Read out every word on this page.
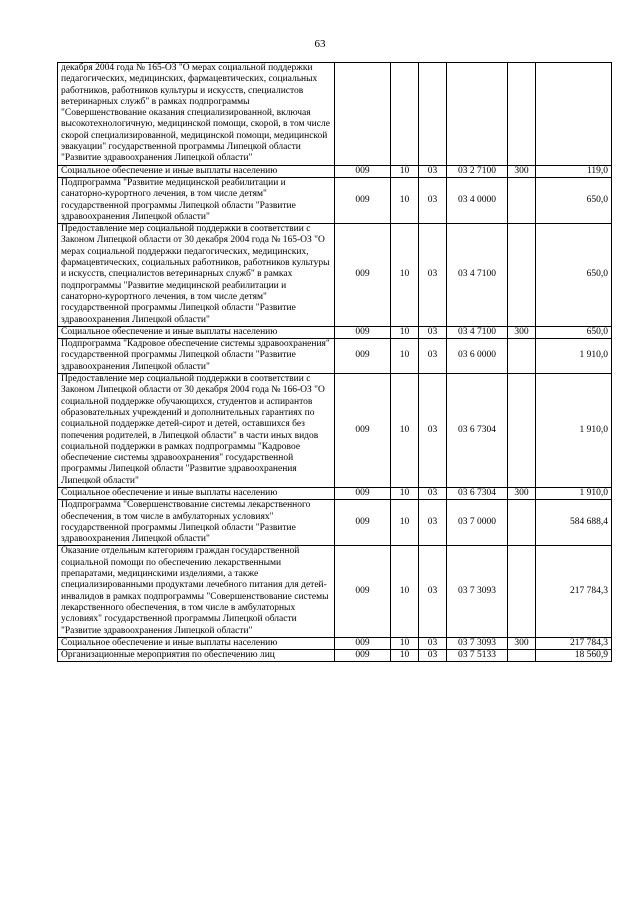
63
декабря 2004 года № 165-ОЗ "О мерах социальной поддержки педагогических, медицинских, фармацевтических, социальных работников, работников культуры и искусств, специалистов ветеринарных служб" в рамках подпрограммы "Совершенствование оказания специализированной, включая высокотехнологичную, медицинской помощи, скорой, в том числе скорой специализированной, медицинской помощи, медицинской эвакуации" государственной программы Липецкой области "Развитие здравоохранения Липецкой области"						
Социальное обеспечение и иные выплаты населению	009	10	03	03 2 7100	300	119,0
Подпрограмма "Развитие медицинской реабилитации и санаторно-курортного лечения, в том числе детям" государственной программы Липецкой области "Развитие здравоохранения Липецкой области"	009	10	03	03 4 0000		650,0
Предоставление мер социальной поддержки в соответствии с Законом Липецкой области от 30 декабря 2004 года № 165-ОЗ "О мерах социальной поддержки педагогических, медицинских, фармацевтических, социальных работников, работников культуры и искусств, специалистов ветеринарных служб" в рамках подпрограммы "Развитие медицинской реабилитации и санаторно-курортного лечения, в том числе детям" государственной программы Липецкой области "Развитие здравоохранения Липецкой области"	009	10	03	03 4 7100		650,0
Социальное обеспечение и иные выплаты населению	009	10	03	03 4 7100	300	650,0
Подпрограмма "Кадровое обеспечение системы здравоохранения" государственной программы Липецкой области "Развитие здравоохранения Липецкой области"	009	10	03	03 6 0000		1 910,0
Предоставление мер социальной поддержки в соответствии с Законом Липецкой области от 30 декабря 2004 года № 166-ОЗ "О социальной поддержке обучающихся, студентов и аспирантов образовательных учреждений и дополнительных гарантиях по социальной поддержке детей-сирот и детей, оставшихся без попечения родителей, в Липецкой области" в части иных видов социальной поддержки в рамках подпрограммы "Кадровое обеспечение системы здравоохранения" государственной программы Липецкой области "Развитие здравоохранения Липецкой области"	009	10	03	03 6 7304		1 910,0
Социальное обеспечение и иные выплаты населению	009	10	03	03 6 7304	300	1 910,0
Подпрограмма "Совершенствование системы лекарственного обеспечения, в том числе в амбулаторных условиях" государственной программы Липецкой области "Развитие здравоохранения Липецкой области"	009	10	03	03 7 0000		584 688,4
Оказание отдельным категориям граждан государственной социальной помощи по обеспечению лекарственными препаратами, медицинскими изделиями, а также специализированными продуктами лечебного питания для детей-инвалидов в рамках подпрограммы "Совершенствование системы лекарственного обеспечения, в том числе в амбулаторных условиях" государственной программы Липецкой области "Развитие здравоохранения Липецкой области"	009	10	03	03 7 3093		217 784,3
Социальное обеспечение и иные выплаты населению	009	10	03	03 7 3093	300	217 784,3
Организационные мероприятия по обеспечению лиц	009	10	03	03 7 5133		18 560,9
